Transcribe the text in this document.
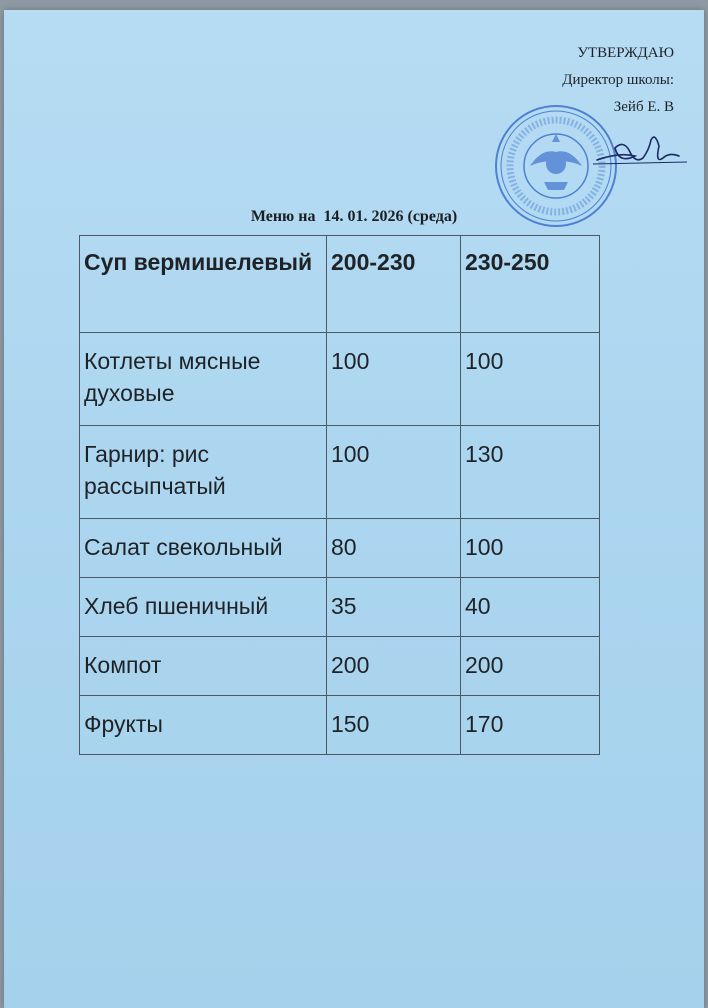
УТВЕРЖДАЮ
Директор школы:
Зейб Е. В
Меню на  14. 01. 2026 (среда)
Суп вермишелевый	200-230	230-250
Котлеты мясные духовые	100	100
Гарнир: рис рассыпчатый	100	130
Салат свекольный	80	100
Хлеб пшеничный	35	40
Компот	200	200
Фрукты	150	170
